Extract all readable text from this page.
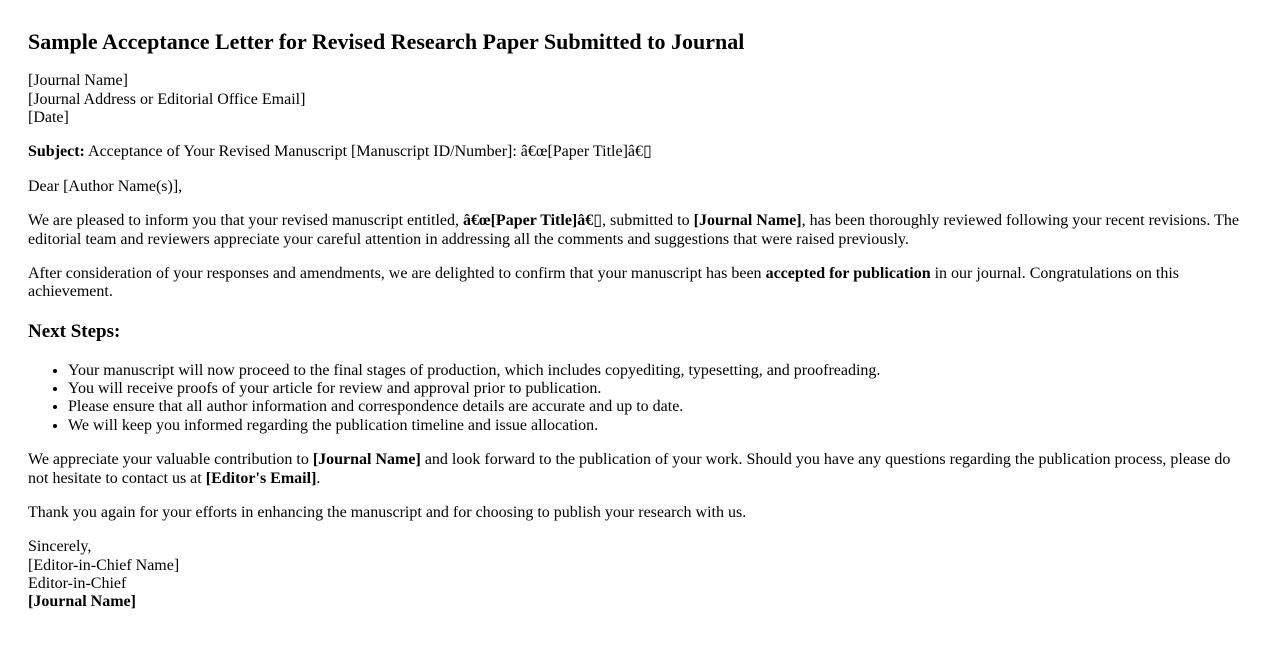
Sample Acceptance Letter for Revised Research Paper Submitted to Journal

[Journal Name]
[Journal Address or Editorial Office Email]
[Date]

Subject: Acceptance of Your Revised Manuscript [Manuscript ID/Number]: â€œ[Paper Title]â€▯

Dear [Author Name(s)],

We are pleased to inform you that your revised manuscript entitled, â€œ[Paper Title]â€▯, submitted to [Journal Name], has been thoroughly reviewed following your recent revisions. The editorial team and reviewers appreciate your careful attention in addressing all the comments and suggestions that were raised previously.

After consideration of your responses and amendments, we are delighted to confirm that your manuscript has been accepted for publication in our journal. Congratulations on this achievement.

Next Steps:
• Your manuscript will now proceed to the final stages of production, which includes copyediting, typesetting, and proofreading.
• You will receive proofs of your article for review and approval prior to publication.
• Please ensure that all author information and correspondence details are accurate and up to date.
• We will keep you informed regarding the publication timeline and issue allocation.

We appreciate your valuable contribution to [Journal Name] and look forward to the publication of your work. Should you have any questions regarding the publication process, please do not hesitate to contact us at [Editor's Email].

Thank you again for your efforts in enhancing the manuscript and for choosing to publish your research with us.

Sincerely,
[Editor-in-Chief Name]
Editor-in-Chief
[Journal Name]
